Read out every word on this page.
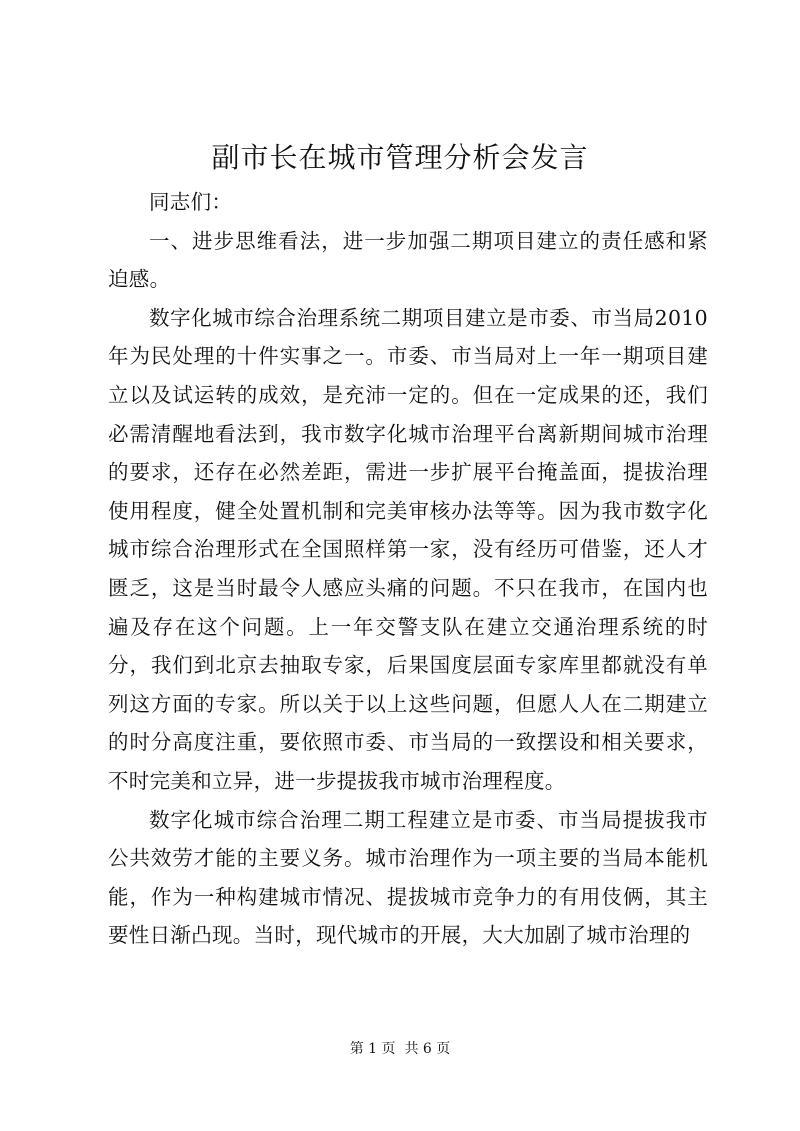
副市长在城市管理分析会发言

同志们：

一、进步思维看法，进一步加强二期项目建立的责任感和紧迫感。

数字化城市综合治理系统二期项目建立是市委、市当局2010年为民处理的十件实事之一。市委、市当局对上一年一期项目建立以及试运转的成效，是充沛一定的。但在一定成果的还，我们必需清醒地看法到，我市数字化城市治理平台离新期间城市治理的要求，还存在必然差距，需进一步扩展平台掩盖面，提拔治理使用程度，健全处置机制和完美审核办法等等。因为我市数字化城市综合治理形式在全国照样第一家，没有经历可借鉴，还人才匮乏，这是当时最令人感应头痛的问题。不只在我市，在国内也遍及存在这个问题。上一年交警支队在建立交通治理系统的时分，我们到北京去抽取专家，后果国度层面专家库里都就没有单列这方面的专家。所以关于以上这些问题，但愿人人在二期建立的时分高度注重，要依照市委、市当局的一致摆设和相关要求，不时完美和立异，进一步提拔我市城市治理程度。

数字化城市综合治理二期工程建立是市委、市当局提拔我市公共效劳才能的主要义务。城市治理作为一项主要的当局本能机能，作为一种构建城市情况、提拔城市竞争力的有用伎俩，其主要性日渐凸现。当时，现代城市的开展，大大加剧了城市治理的

第 1 页  共 6 页
